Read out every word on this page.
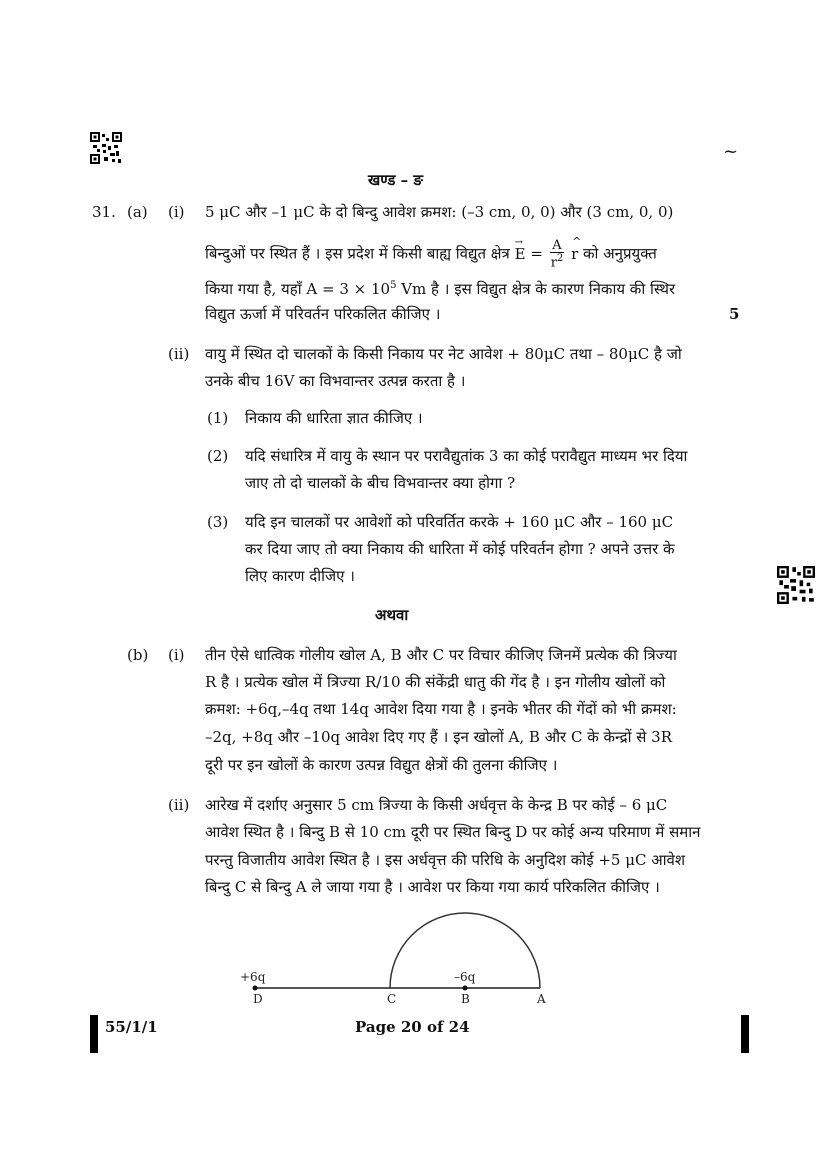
~
खण्ड – ङ
31. (a) (i) 5 μC और –1 μC के दो बिन्दु आवेश क्रमश: (–3 cm, 0, 0) और (3 cm, 0, 0)
बिन्दुओं पर स्थित हैं । इस प्रदेश में किसी बाह्य विद्युत क्षेत्र → $E = \frac{A}{r^2}$ ^ r को अनुप्रयुक्त
किया गया है, यहाँ $A = 3 \times 10^5$ Vm है । इस विद्युत क्षेत्र के कारण निकाय की स्थिर
विद्युत ऊर्जा में परिवर्तन परिकलित कीजिए ।	5
(ii) वायु में स्थित दो चालकों के किसी निकाय पर नेट आवेश + 80μC तथा – 80μC है जो
उनके बीच 16V का विभवान्तर उत्पन्न करता है ।
(1) निकाय की धारिता ज्ञात कीजिए ।
(2) यदि संधारित्र में वायु के स्थान पर परावैद्युतांक 3 का कोई परावैद्युत माध्यम भर दिया
जाए तो दो चालकों के बीच विभवान्तर क्या होगा ?
(3) यदि इन चालकों पर आवेशों को परिवर्तित करके + 160 μC और – 160 μC
कर दिया जाए तो क्या निकाय की धारिता में कोई परिवर्तन होगा ? अपने उत्तर के
लिए कारण दीजिए ।
अथवा
(b) (i) तीन ऐसे धात्विक गोलीय खोल A, B और C पर विचार कीजिए जिनमें प्रत्येक की त्रिज्या
R है । प्रत्येक खोल में त्रिज्या R/10 की संकेंद्री धातु की गेंद है । इन गोलीय खोलों को
क्रमश: +6q,–4q तथा 14q आवेश दिया गया है । इनके भीतर की गेंदों को भी क्रमश:
–2q, +8q और –10q आवेश दिए गए हैं । इन खोलों A, B और C के केन्द्रों से 3R
दूरी पर इन खोलों के कारण उत्पन्न विद्युत क्षेत्रों की तुलना कीजिए ।
(ii) आरेख में दर्शाए अनुसार 5 cm त्रिज्या के किसी अर्धवृत्त के केन्द्र B पर कोई – 6 μC
आवेश स्थित है । बिन्दु B से 10 cm दूरी पर स्थित बिन्दु D पर कोई अन्य परिमाण में समान
परन्तु विजातीय आवेश स्थित है । इस अर्धवृत्त की परिधि के अनुदिश कोई +5 μC आवेश
बिन्दु C से बिन्दु A ले जाया गया है । आवेश पर किया गया कार्य परिकलित कीजिए ।
+6q	–6q
D	C	B	A
55/1/1	Page 20 of 24
